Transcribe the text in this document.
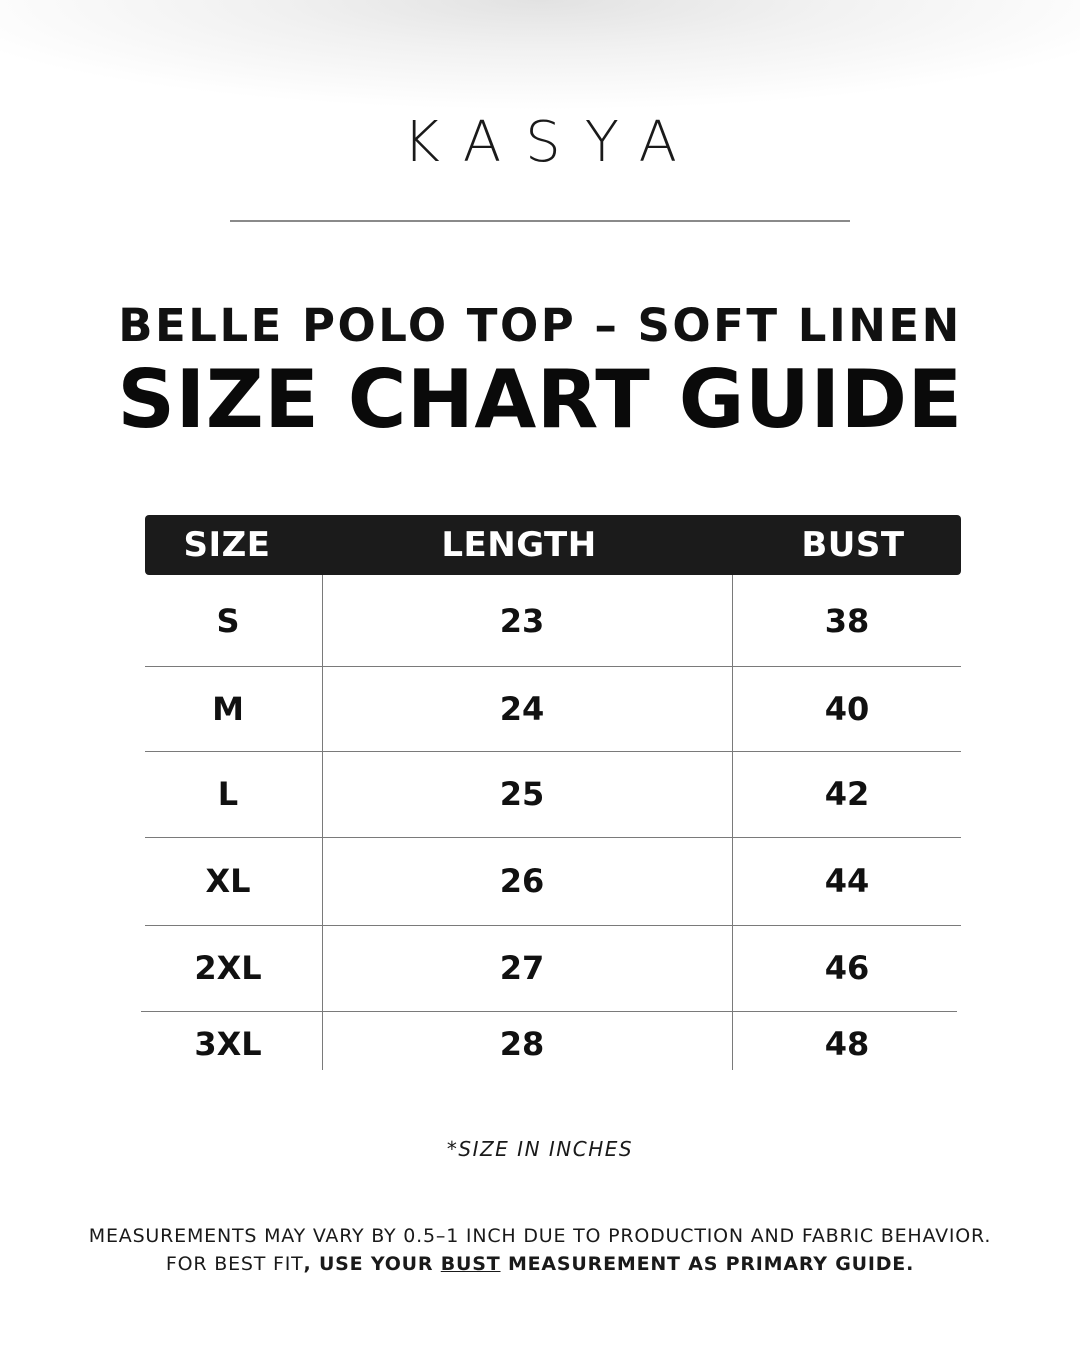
KASYA
BELLE POLO TOP – SOFT LINEN
SIZE CHART GUIDE
SIZE	LENGTH	BUST
S	23	38
M	24	40
L	25	42
XL	26	44
2XL	27	46
3XL	28	48
*SIZE IN INCHES
MEASUREMENTS MAY VARY BY 0.5–1 INCH DUE TO PRODUCTION AND FABRIC BEHAVIOR.
FOR BEST FIT, USE YOUR BUST MEASUREMENT AS PRIMARY GUIDE.
